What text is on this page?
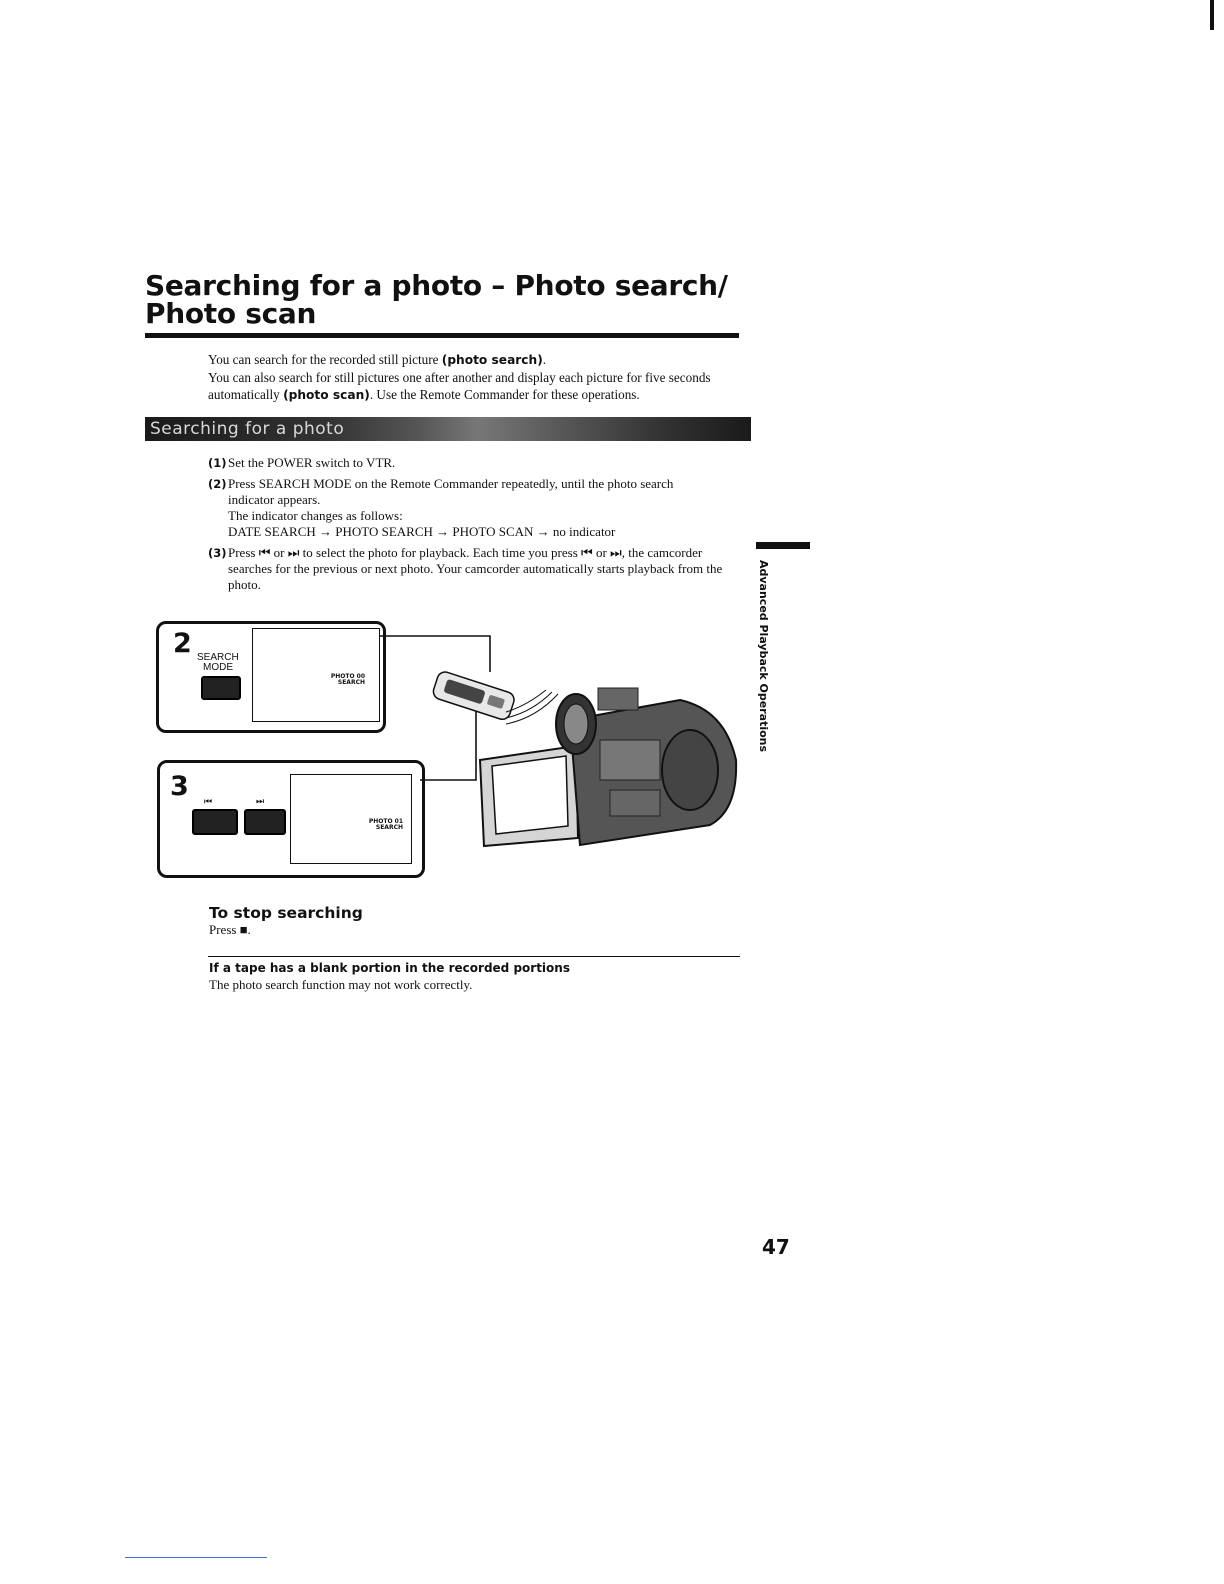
Searching for a photo – Photo search/
Photo scan
You can search for the recorded still picture (photo search).
You can also search for still pictures one after another and display each picture for five seconds automatically (photo scan). Use the Remote Commander for these operations.
Searching for a photo
(1) Set the POWER switch to VTR.
(2) Press SEARCH MODE on the Remote Commander repeatedly, until the photo search indicator appears.
The indicator changes as follows:
DATE SEARCH → PHOTO SEARCH → PHOTO SCAN → no indicator
(3) Press ⏮ or ⏭ to select the photo for playback. Each time you press ⏮ or ⏭, the camcorder searches for the previous or next photo. Your camcorder automatically starts playback from the photo.	Advanced Playback Operations
2 SEARCH
MODE
PHOTO 00
SEARCH
3 ⏮	⏭
PHOTO 01
SEARCH
To stop searching
Press ■.
If a tape has a blank portion in the recorded portions
The photo search function may not work correctly.
47
